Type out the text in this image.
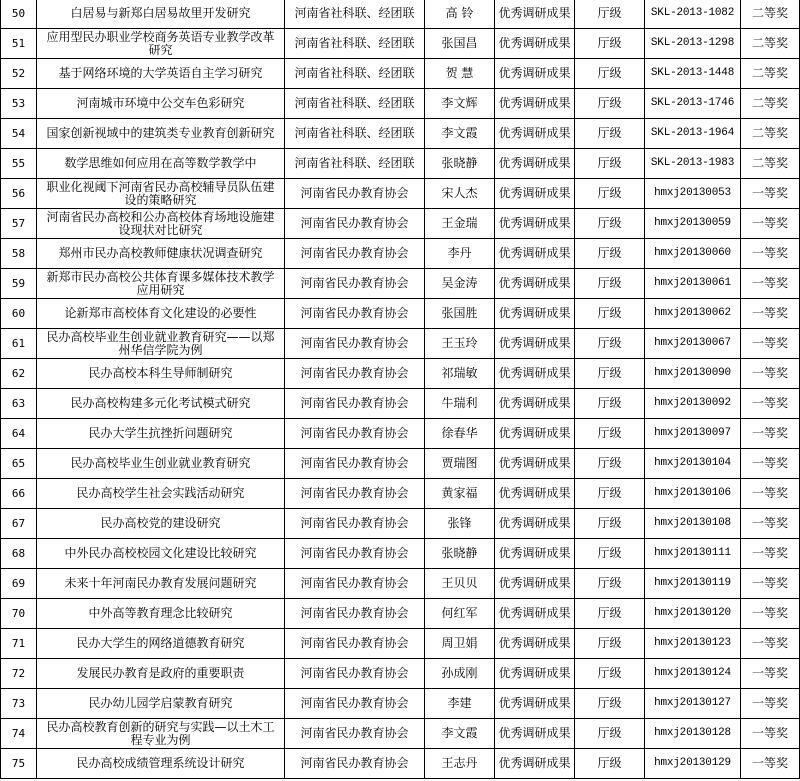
50	白居易与新郑白居易故里开发研究	河南省社科联、经团联	高 铃	优秀调研成果	厅级	SKL-2013-1082	二等奖
51	应用型民办职业学校商务英语专业教学改革研究	河南省社科联、经团联	张国昌	优秀调研成果	厅级	SKL-2013-1298	二等奖
52	基于网络环境的大学英语自主学习研究	河南省社科联、经团联	贺 慧	优秀调研成果	厅级	SKL-2013-1448	二等奖
53	河南城市环境中公交车色彩研究	河南省社科联、经团联	李文辉	优秀调研成果	厅级	SKL-2013-1746	二等奖
54	国家创新视域中的建筑类专业教育创新研究	河南省社科联、经团联	李文霞	优秀调研成果	厅级	SKL-2013-1964	二等奖
55	数学思维如何应用在高等数学教学中	河南省社科联、经团联	张晓静	优秀调研成果	厅级	SKL-2013-1983	二等奖
56	职业化视阈下河南省民办高校辅导员队伍建设的策略研究	河南省民办教育协会	宋人杰	优秀调研成果	厅级	hmxj20130053	一等奖
57	河南省民办高校和公办高校体育场地设施建设现状对比研究	河南省民办教育协会	王金瑞	优秀调研成果	厅级	hmxj20130059	一等奖
58	郑州市民办高校教师健康状况调查研究	河南省民办教育协会	李丹	优秀调研成果	厅级	hmxj20130060	一等奖
59	新郑市民办高校公共体育课多媒体技术教学应用研究	河南省民办教育协会	吴金涛	优秀调研成果	厅级	hmxj20130061	一等奖
60	论新郑市高校体育文化建设的必要性	河南省民办教育协会	张国胜	优秀调研成果	厅级	hmxj20130062	一等奖
61	民办高校毕业生创业就业教育研究——以郑州华信学院为例	河南省民办教育协会	王玉玲	优秀调研成果	厅级	hmxj20130067	一等奖
62	民办高校本科生导师制研究	河南省民办教育协会	祁瑞敏	优秀调研成果	厅级	hmxj20130090	一等奖
63	民办高校构建多元化考试模式研究	河南省民办教育协会	牛瑞利	优秀调研成果	厅级	hmxj20130092	一等奖
64	民办大学生抗挫折问题研究	河南省民办教育协会	徐春华	优秀调研成果	厅级	hmxj20130097	一等奖
65	民办高校毕业生创业就业教育研究	河南省民办教育协会	贾瑞图	优秀调研成果	厅级	hmxj20130104	一等奖
66	民办高校学生社会实践活动研究	河南省民办教育协会	黄家福	优秀调研成果	厅级	hmxj20130106	一等奖
67	民办高校党的建设研究	河南省民办教育协会	张锋	优秀调研成果	厅级	hmxj20130108	一等奖
68	中外民办高校校园文化建设比较研究	河南省民办教育协会	张晓静	优秀调研成果	厅级	hmxj20130111	一等奖
69	未来十年河南民办教育发展问题研究	河南省民办教育协会	王贝贝	优秀调研成果	厅级	hmxj20130119	一等奖
70	中外高等教育理念比较研究	河南省民办教育协会	何红军	优秀调研成果	厅级	hmxj20130120	一等奖
71	民办大学生的网络道德教育研究	河南省民办教育协会	周卫娟	优秀调研成果	厅级	hmxj20130123	一等奖
72	发展民办教育是政府的重要职责	河南省民办教育协会	孙成刚	优秀调研成果	厅级	hmxj20130124	一等奖
73	民办幼儿园学启蒙教育研究	河南省民办教育协会	李建	优秀调研成果	厅级	hmxj20130127	一等奖
74	民办高校教育创新的研究与实践—以土木工程专业为例	河南省民办教育协会	李文霞	优秀调研成果	厅级	hmxj20130128	一等奖
75	民办高校成绩管理系统设计研究	河南省民办教育协会	王志丹	优秀调研成果	厅级	hmxj20130129	一等奖
